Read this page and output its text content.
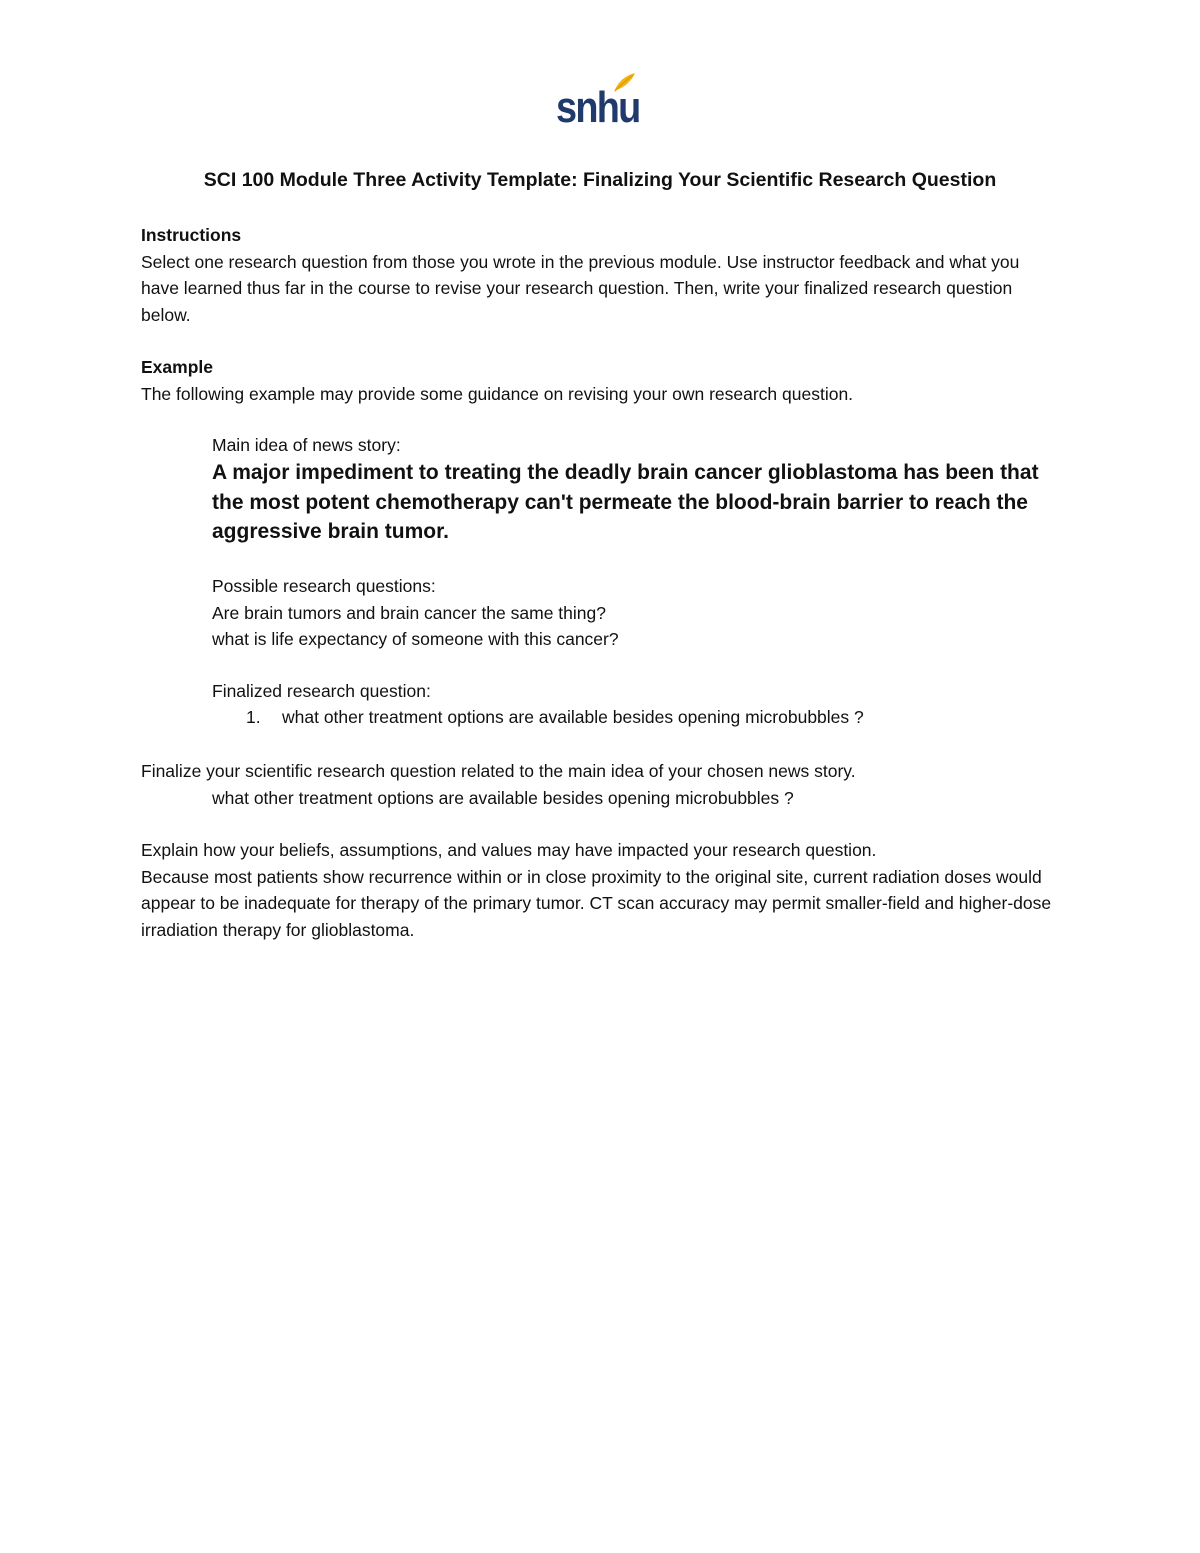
snhu
SCI 100 Module Three Activity Template: Finalizing Your Scientific Research Question
Instructions
Select one research question from those you wrote in the previous module. Use instructor feedback and what you have learned thus far in the course to revise your research question. Then, write your finalized research question below.
Example
The following example may provide some guidance on revising your own research question.
Main idea of news story:
A major impediment to treating the deadly brain cancer glioblastoma has been that the most potent chemotherapy can't permeate the blood-brain barrier to reach the aggressive brain tumor.
Possible research questions:
Are brain tumors and brain cancer the same thing?
what is life expectancy of someone with this cancer?
Finalized research question:
1. what other treatment options are available besides opening microbubbles ?
Finalize your scientific research question related to the main idea of your chosen news story.
what other treatment options are available besides opening microbubbles ?
Explain how your beliefs, assumptions, and values may have impacted your research question.
Because most patients show recurrence within or in close proximity to the original site, current radiation doses would appear to be inadequate for therapy of the primary tumor. CT scan accuracy may permit smaller-field and higher-dose irradiation therapy for glioblastoma.
